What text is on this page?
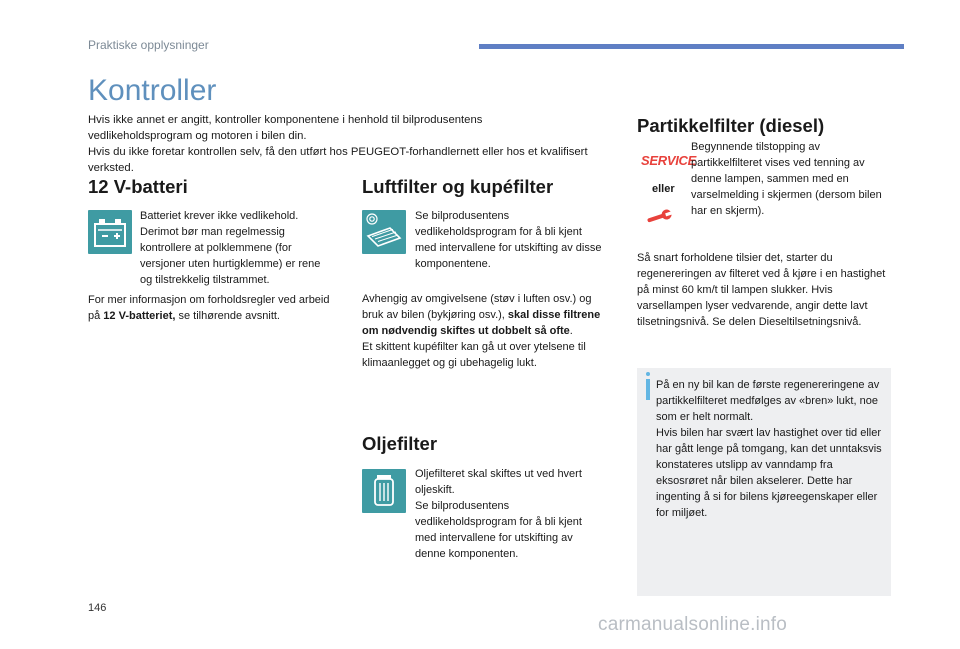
Praktiske opplysninger
Kontroller
Hvis ikke annet er angitt, kontroller komponentene i henhold til bilprodusentens vedlikeholdsprogram og motoren i bilen din.
Hvis du ikke foretar kontrollen selv, få den utført hos PEUGEOT-forhandlernett eller hos et kvalifisert verksted.
12 V-batteri
Batteriet krever ikke vedlikehold. Derimot bør man regelmessig kontrollere at polklemmene (for versjoner uten hurtigklemme) er rene og tilstrekkelig tilstrammet.
For mer informasjon om forholdsregler ved arbeid på 12 V-batteriet, se tilhørende avsnitt.
Luftfilter og kupéfilter
Se bilprodusentens vedlikeholdsprogram for å bli kjent med intervallene for utskifting av disse komponentene.
Avhengig av omgivelsene (støv i luften osv.) og bruk av bilen (bykjøring osv.), skal disse filtrene om nødvendig skiftes ut dobbelt så ofte.
Et skittent kupéfilter kan gå ut over ytelsene til klimaanlegget og gi ubehagelig lukt.
Oljefilter
Oljefilteret skal skiftes ut ved hvert oljeskift.
Se bilprodusentens vedlikeholdsprogram for å bli kjent med intervallene for utskifting av denne komponenten.
Partikkelfilter (diesel)
SERVICE
eller
Begynnende tilstopping av partikkelfilteret vises ved tenning av denne lampen, sammen med en varselmelding i skjermen (dersom bilen har en skjerm).
Så snart forholdene tilsier det, starter du regenereringen av filteret ved å kjøre i en hastighet på minst 60 km/t til lampen slukker. Hvis varsellampen lyser vedvarende, angir dette lavt tilsetningsnivå. Se delen Dieseltilsetningsnivå.
På en ny bil kan de første regenereringene av partikkelfilteret medfølges av «bren» lukt, noe som er helt normalt.
Hvis bilen har svært lav hastighet over tid eller har gått lenge på tomgang, kan det unntaksvis konstateres utslipp av vanndamp fra eksosrøret når bilen akselerer. Dette har ingenting å si for bilens kjøreegenskaper eller for miljøet.
146
carmanualsonline.info
